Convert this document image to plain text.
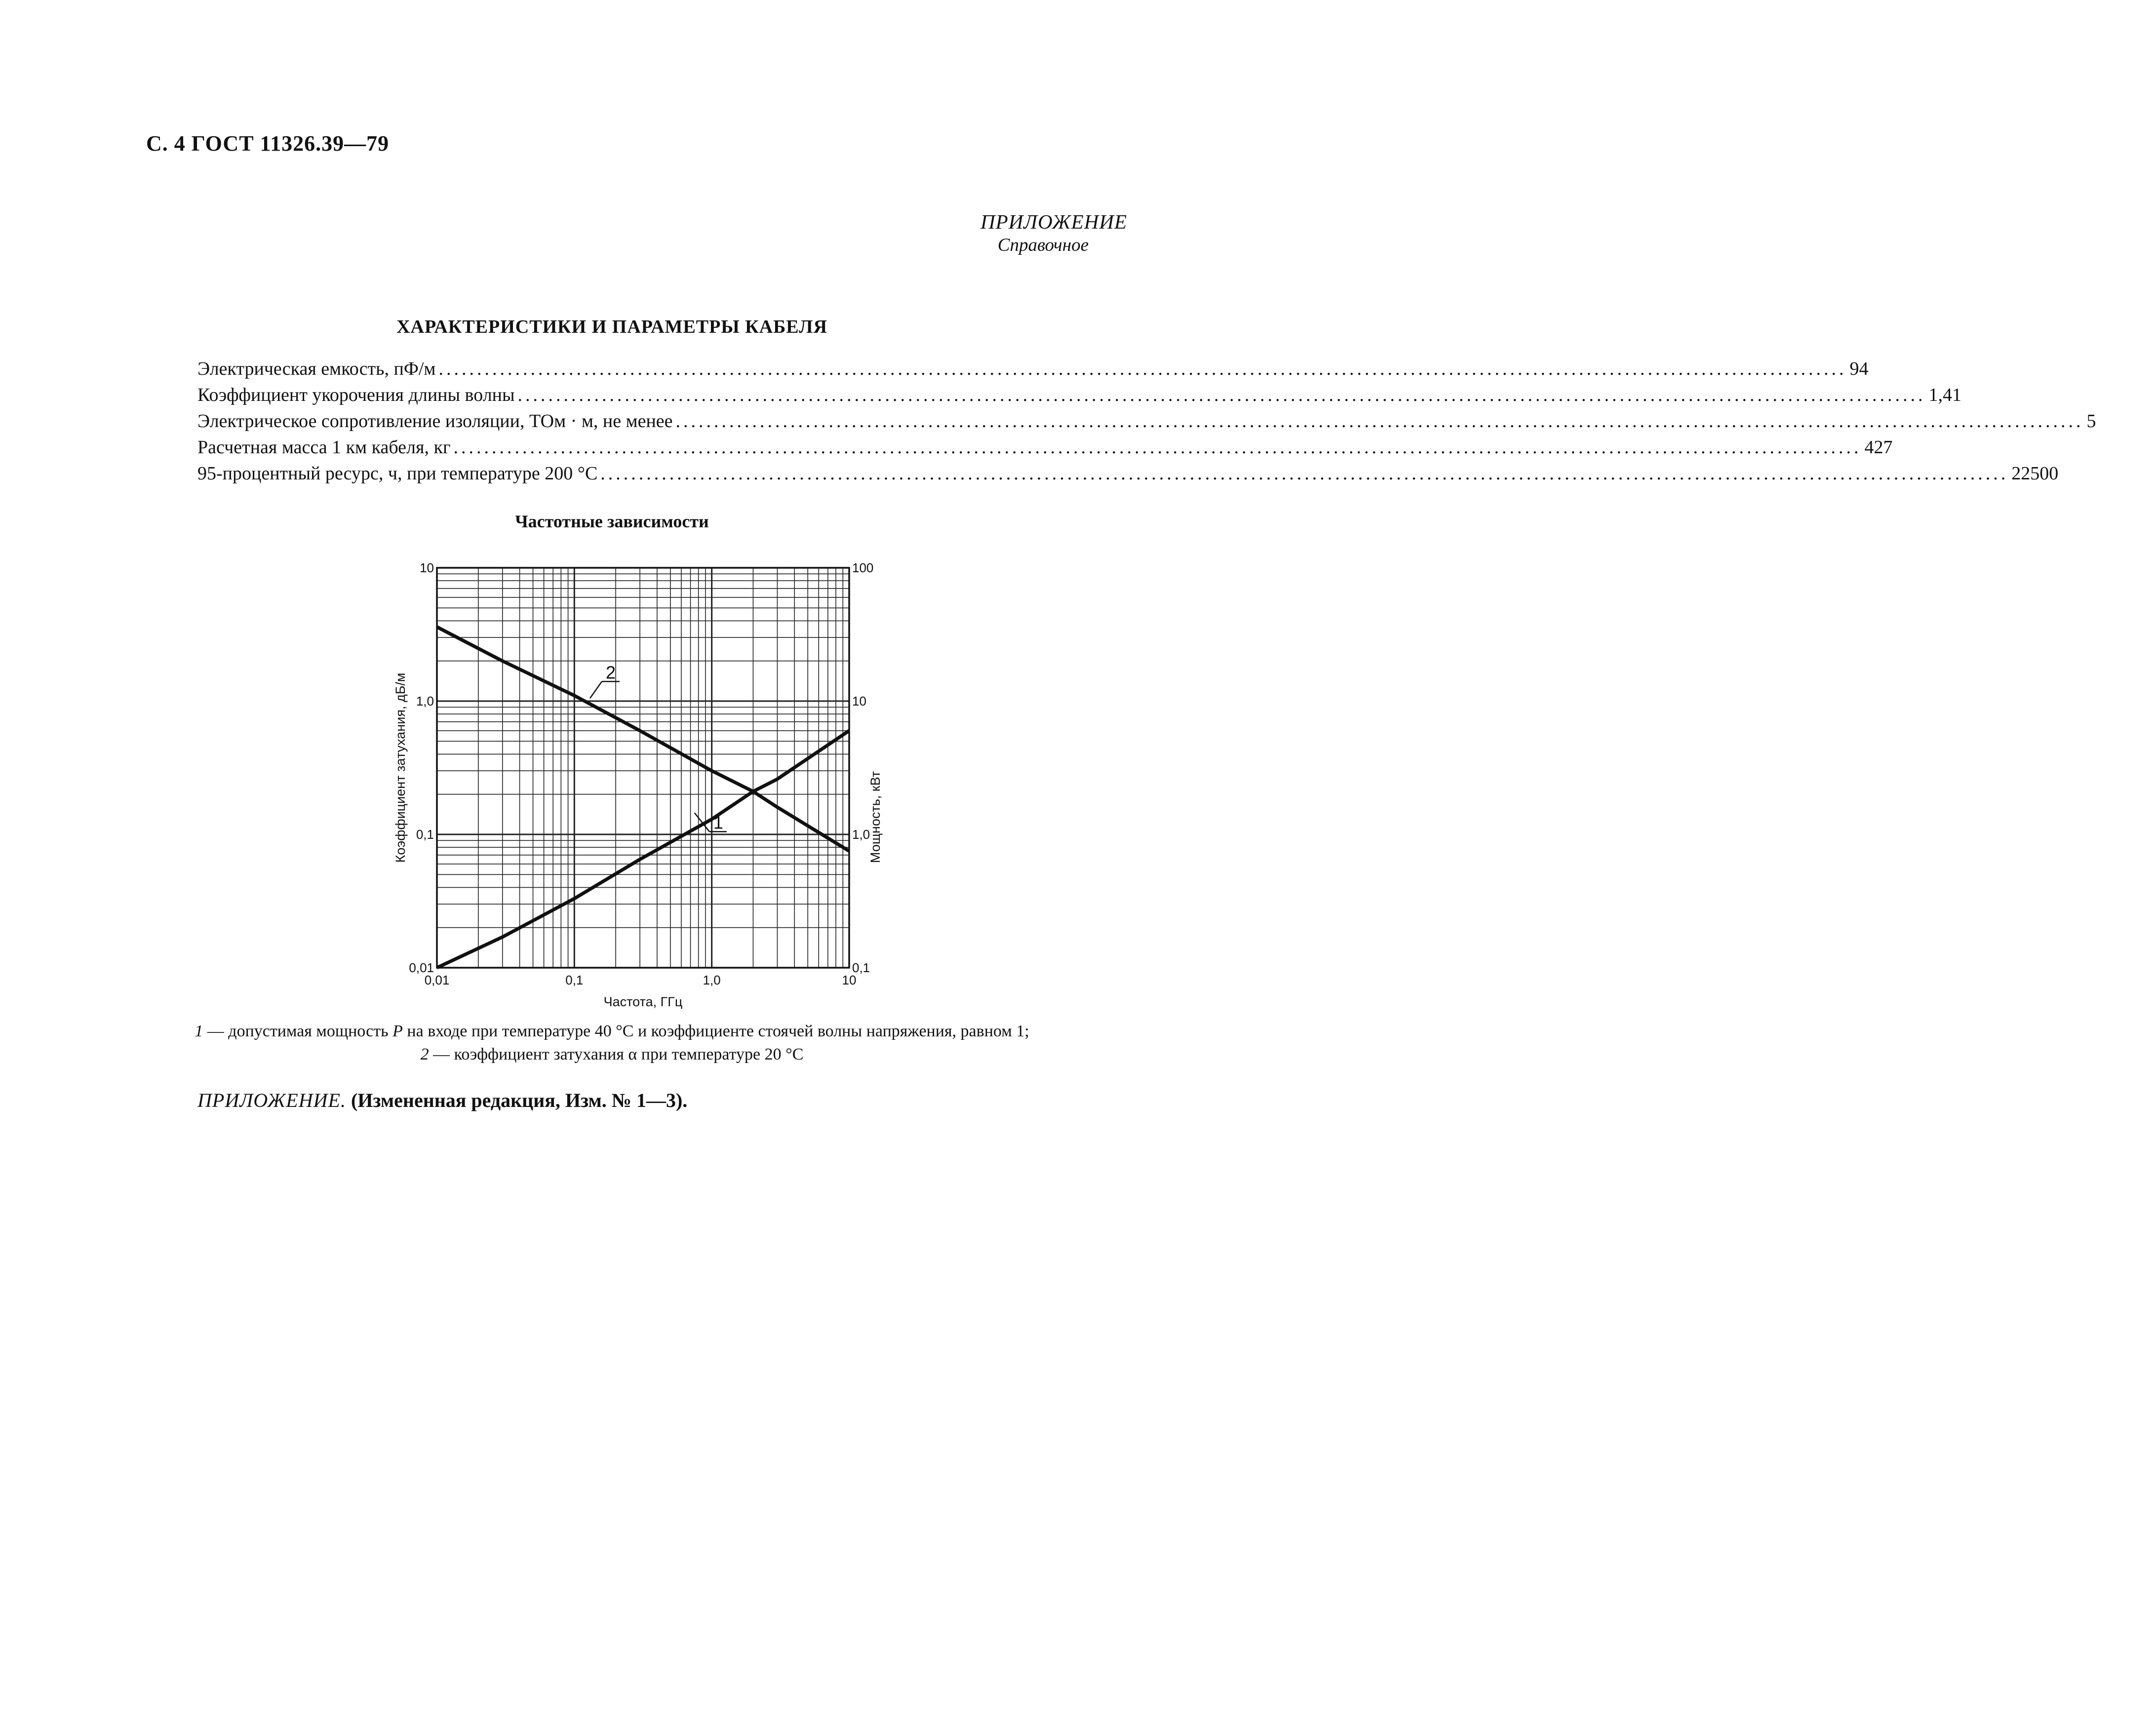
С. 4 ГОСТ 11326.39—79
ПРИЛОЖЕНИЕ
Справочное
ХАРАКТЕРИСТИКИ И ПАРАМЕТРЫ КАБЕЛЯ
Электрическая емкость, пФ/м .....	94
Коэффициент укорочения длины волны .....	1,41
Электрическое сопротивление изоляции, ТОм · м, не менее .....	5
Расчетная масса 1 км кабеля, кг .....	427
95-процентный ресурс, ч, при температуре 200 °С .....	22500
Частотные зависимости
0,01	0,1	1,0	10
0,01
0,1
1,0
10
0,1
1,0
10
100
Частота, ГГц
Коэффициент затухания, дБ/м	Мощность, кВт
2
1
1 — допустимая мощность P на входе при температуре 40 °С и коэффициенте стоячей волны напряжения, равном 1;
2 — коэффициент затухания α при температуре 20 °С
ПРИЛОЖЕНИЕ. (Измененная редакция, Изм. № 1—3).
